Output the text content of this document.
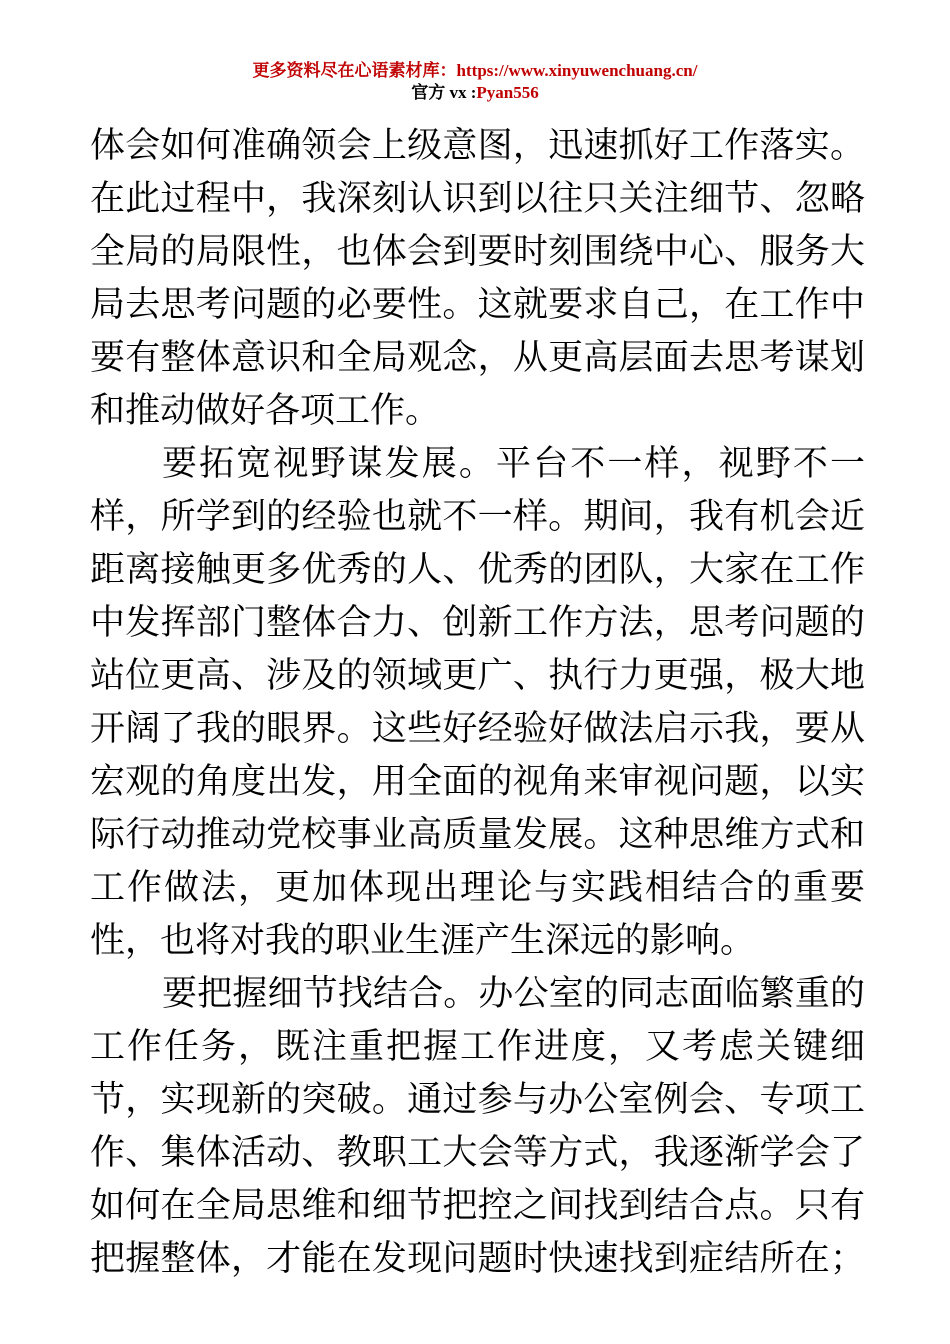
更多资料尽在心语素材库：https://www.xinyuwenchuang.cn/
官方 vx :Pyan556
体会如何准确领会上级意图，迅速抓好工作落实。
在此过程中，我深刻认识到以往只关注细节、忽略
全局的局限性，也体会到要时刻围绕中心、服务大
局去思考问题的必要性。这就要求自己，在工作中
要有整体意识和全局观念，从更高层面去思考谋划
和推动做好各项工作。
要拓宽视野谋发展。平台不一样，视野不一
样，所学到的经验也就不一样。期间，我有机会近
距离接触更多优秀的人、优秀的团队，大家在工作
中发挥部门整体合力、创新工作方法，思考问题的
站位更高、涉及的领域更广、执行力更强，极大地
开阔了我的眼界。这些好经验好做法启示我，要从
宏观的角度出发，用全面的视角来审视问题，以实
际行动推动党校事业高质量发展。这种思维方式和
工作做法，更加体现出理论与实践相结合的重要
性，也将对我的职业生涯产生深远的影响。
要把握细节找结合。办公室的同志面临繁重的
工作任务，既注重把握工作进度，又考虑关键细
节，实现新的突破。通过参与办公室例会、专项工
作、集体活动、教职工大会等方式，我逐渐学会了
如何在全局思维和细节把控之间找到结合点。只有
把握整体，才能在发现问题时快速找到症结所在；
